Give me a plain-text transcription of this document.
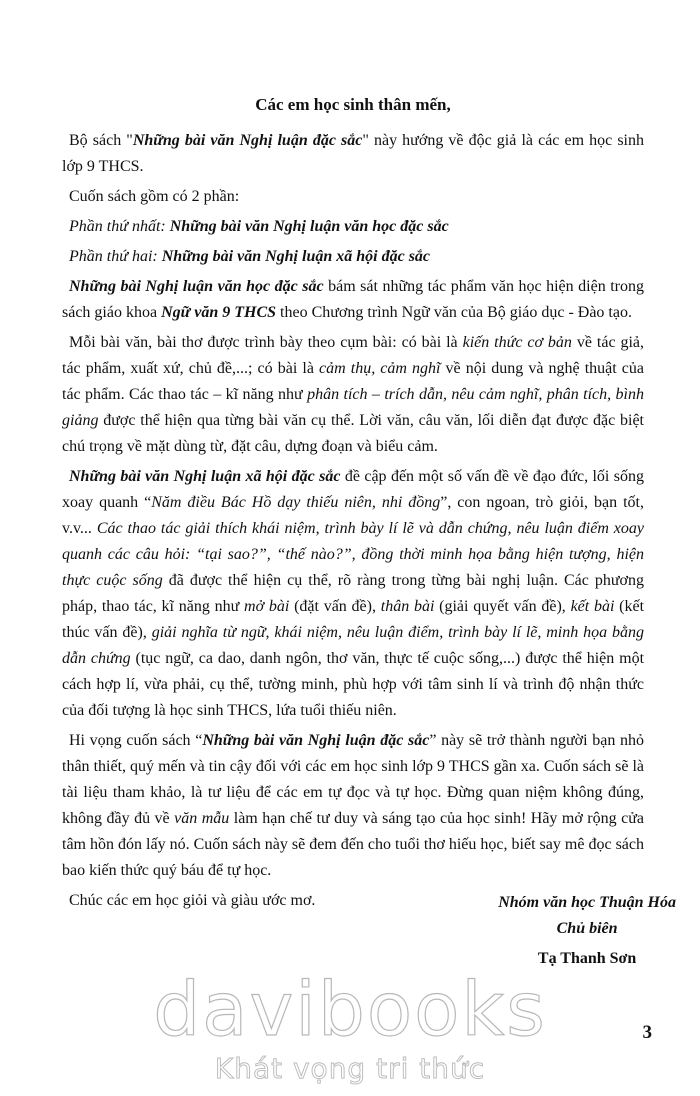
Các em học sinh thân mến,

Bộ sách "Những bài văn Nghị luận đặc sắc" này hướng về độc giả là các em học sinh lớp 9 THCS.

Cuốn sách gồm có 2 phần:

Phần thứ nhất: Những bài văn Nghị luận văn học đặc sắc

Phần thứ hai: Những bài văn Nghị luận xã hội đặc sắc

Những bài Nghị luận văn học đặc sắc bám sát những tác phẩm văn học hiện diện trong sách giáo khoa Ngữ văn 9 THCS theo Chương trình Ngữ văn của Bộ giáo dục - Đào tạo.

Mỗi bài văn, bài thơ được trình bày theo cụm bài: có bài là kiến thức cơ bản về tác giả, tác phẩm, xuất xứ, chủ đề,...; có bài là cảm thụ, cảm nghĩ về nội dung và nghệ thuật của tác phẩm. Các thao tác – kĩ năng như phân tích – trích dẫn, nêu cảm nghĩ, phân tích, bình giảng được thể hiện qua từng bài văn cụ thể. Lời văn, câu văn, lối diễn đạt được đặc biệt chú trọng về mặt dùng từ, đặt câu, dựng đoạn và biểu cảm.

Những bài văn Nghị luận xã hội đặc sắc đề cập đến một số vấn đề về đạo đức, lối sống xoay quanh “Năm điều Bác Hồ dạy thiếu niên, nhi đồng”, con ngoan, trò giỏi, bạn tốt, v.v... Các thao tác giải thích khái niệm, trình bày lí lẽ và dẫn chứng, nêu luận điểm xoay quanh các câu hỏi: “tại sao?”, “thế nào?”, đồng thời minh họa bằng hiện tượng, hiện thực cuộc sống đã được thể hiện cụ thể, rõ ràng trong từng bài nghị luận. Các phương pháp, thao tác, kĩ năng như mở bài (đặt vấn đề), thân bài (giải quyết vấn đề), kết bài (kết thúc vấn đề), giải nghĩa từ ngữ, khái niệm, nêu luận điểm, trình bày lí lẽ, minh họa bằng dẫn chứng (tục ngữ, ca dao, danh ngôn, thơ văn, thực tế cuộc sống,...) được thể hiện một cách hợp lí, vừa phải, cụ thể, tường minh, phù hợp với tâm sinh lí và trình độ nhận thức của đối tượng là học sinh THCS, lứa tuổi thiếu niên.

Hi vọng cuốn sách “Những bài văn Nghị luận đặc sắc” này sẽ trở thành người bạn nhỏ thân thiết, quý mến và tin cậy đối với các em học sinh lớp 9 THCS gần xa. Cuốn sách sẽ là tài liệu tham khảo, là tư liệu để các em tự đọc và tự học. Đừng quan niệm không đúng, không đầy đủ về văn mẫu làm hạn chế tư duy và sáng tạo của học sinh! Hãy mở rộng cửa tâm hồn đón lấy nó. Cuốn sách này sẽ đem đến cho tuổi thơ hiếu học, biết say mê đọc sách bao kiến thức quý báu để tự học.

Chúc các em học giỏi và giàu ước mơ.	Nhóm văn học Thuận Hóa
Chủ biên
Tạ Thanh Sơn
davibooks
Khát vọng tri thức
3
